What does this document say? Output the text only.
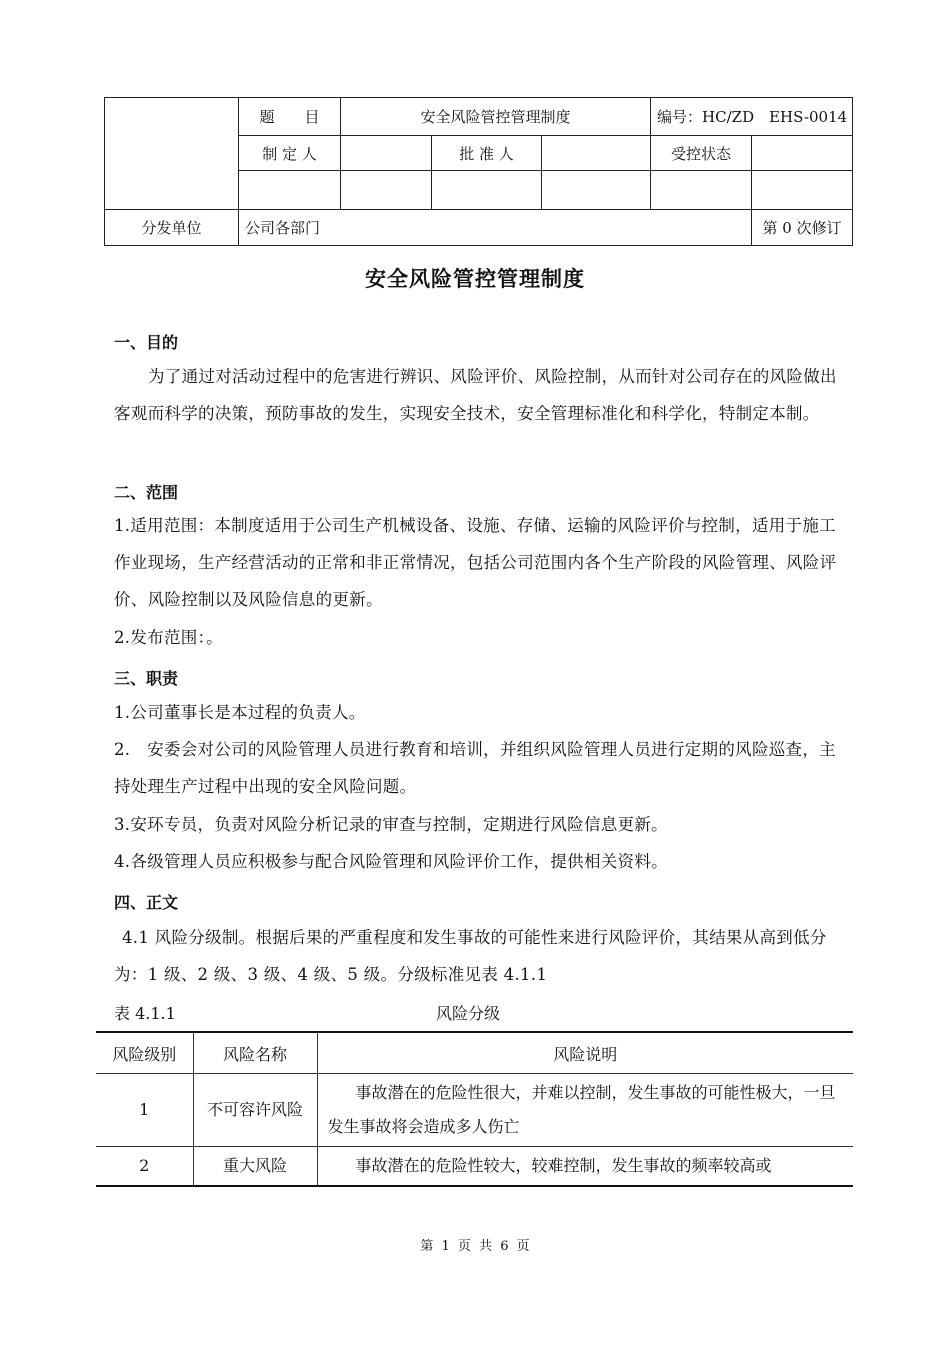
	题　　目	安全风险管控管理制度			编号：HC/ZD　EHS-0014	
	制 定 人		批 准 人		受控状态	

分发单位	公司各部门					第 0 次修订
安全风险管控管理制度
一、目的
为了通过对活动过程中的危害进行辨识、风险评价、风险控制，从而针对公司存在的风险做出客观而科学的决策，预防事故的发生，实现安全技术，安全管理标准化和科学化，特制定本制。
二、范围
1.适用范围：本制度适用于公司生产机械设备、设施、存储、运输的风险评价与控制，适用于施工作业现场，生产经营活动的正常和非正常情况，包括公司范围内各个生产阶段的风险管理、风险评价、风险控制以及风险信息的更新。
2.发布范围：。
三、职责
1.公司董事长是本过程的负责人。
2.　安委会对公司的风险管理人员进行教育和培训，并组织风险管理人员进行定期的风险巡查，主持处理生产过程中出现的安全风险问题。
3.安环专员，负责对风险分析记录的审查与控制，定期进行风险信息更新。
4.各级管理人员应积极参与配合风险管理和风险评价工作，提供相关资料。
四、正文
4.1 风险分级制。根据后果的严重程度和发生事故的可能性来进行风险评价，其结果从高到低分为：1 级、2 级、3 级、4 级、5 级。分级标准见表 4.1.1
表 4.1.1	风险分级
风险级别	风险名称	风险说明
1	不可容许风险	事故潜在的危险性很大，并难以控制，发生事故的可能性极大，一旦发生事故将会造成多人伤亡
2	重大风险	事故潜在的危险性较大，较难控制，发生事故的频率较高或
第 1 页 共 6 页
